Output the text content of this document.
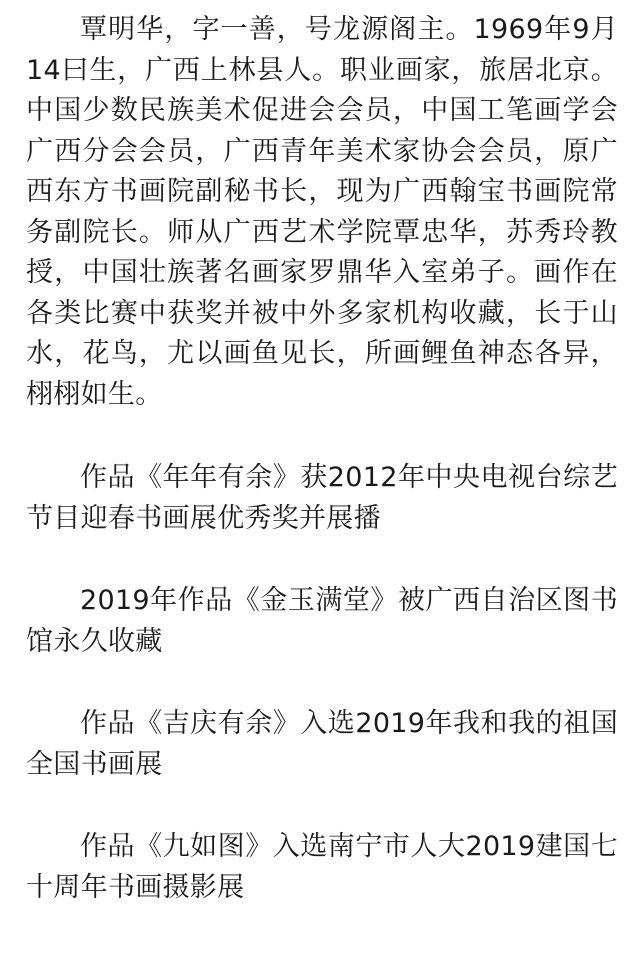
覃明华，字一善，号龙源阁主。1969年9月14曰生，广西上林县人。职业画家，旅居北京。中国少数民族美术促进会会员，中国工笔画学会广西分会会员，广西青年美术家协会会员，原广西东方书画院副秘书长，现为广西翰宝书画院常务副院长。师从广西艺术学院覃忠华，苏秀玲教授，中国壮族著名画家罗鼎华入室弟子。画作在各类比赛中获奖并被中外多家机构收藏，长于山水，花鸟，尤以画鱼见长，所画鲤鱼神态各异，栩栩如生。

作品《年年有余》获2012年中央电视台综艺节目迎春书画展优秀奖并展播

2019年作品《金玉满堂》被广西自治区图书馆永久收藏

作品《吉庆有余》入选2019年我和我的祖国全国书画展

作品《九如图》入选南宁市人大2019建国七十周年书画摄影展
